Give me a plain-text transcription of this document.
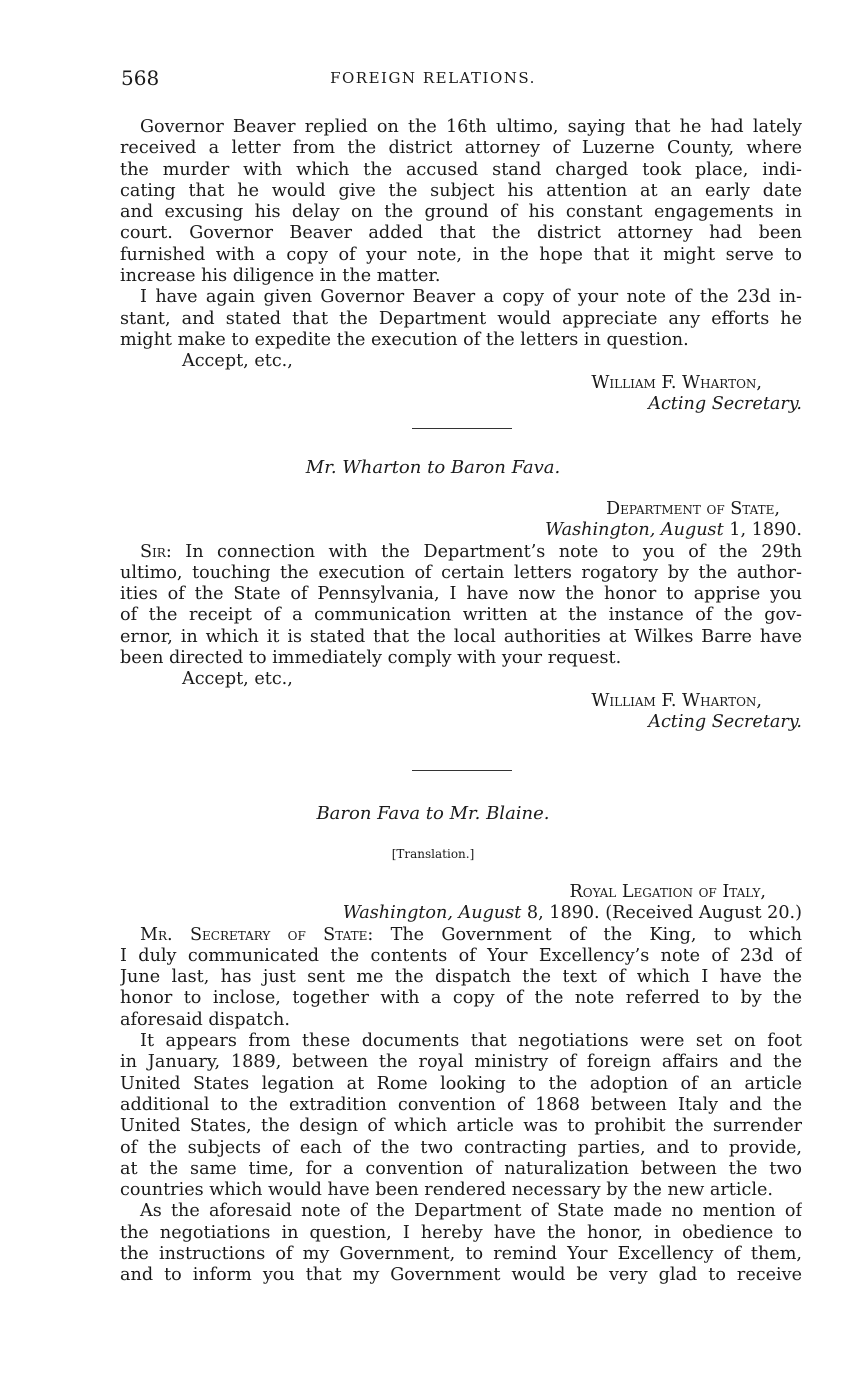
568	FOREIGN RELATIONS.
Governor Beaver replied on the 16th ultimo, saying that he had lately
received a letter from the district attorney of Luzerne County, where
the murder with which the accused stand charged took place, indi-
cating that he would give the subject his attention at an early date
and excusing his delay on the ground of his constant engagements in
court. Governor Beaver added that the district attorney had been
furnished with a copy of your note, in the hope that it might serve to
increase his diligence in the matter.
I have again given Governor Beaver a copy of your note of the 23d in-
stant, and stated that the Department would appreciate any efforts he
might make to expedite the execution of the letters in question.
Accept, etc.,
William F. Wharton,
Acting Secretary.
Mr. Wharton to Baron Fava.
Department of State,
Washington, August 1, 1890.
Sir: In connection with the Department’s note to you of the 29th
ultimo, touching the execution of certain letters rogatory by the author-
ities of the State of Pennsylvania, I have now the honor to apprise you
of the receipt of a communication written at the instance of the gov-
ernor, in which it is stated that the local authorities at Wilkes Barre have
been directed to immediately comply with your request.
Accept, etc.,
William F. Wharton,
Acting Secretary.
Baron Fava to Mr. Blaine.
[Translation.]
Royal Legation of Italy,
Washington, August 8, 1890. (Received August 20.)
Mr. Secretary of State: The Government of the King, to which
I duly communicated the contents of Your Excellency’s note of 23d of
June last, has just sent me the dispatch the text of which I have the
honor to inclose, together with a copy of the note referred to by the
aforesaid dispatch.
It appears from these documents that negotiations were set on foot
in January, 1889, between the royal ministry of foreign affairs and the
United States legation at Rome looking to the adoption of an article
additional to the extradition convention of 1868 between Italy and the
United States, the design of which article was to prohibit the surrender
of the subjects of each of the two contracting parties, and to provide,
at the same time, for a convention of naturalization between the two
countries which would have been rendered necessary by the new article.
As the aforesaid note of the Department of State made no mention of
the negotiations in question, I hereby have the honor, in obedience to
the instructions of my Government, to remind Your Excellency of them,
and to inform you that my Government would be very glad to receive
